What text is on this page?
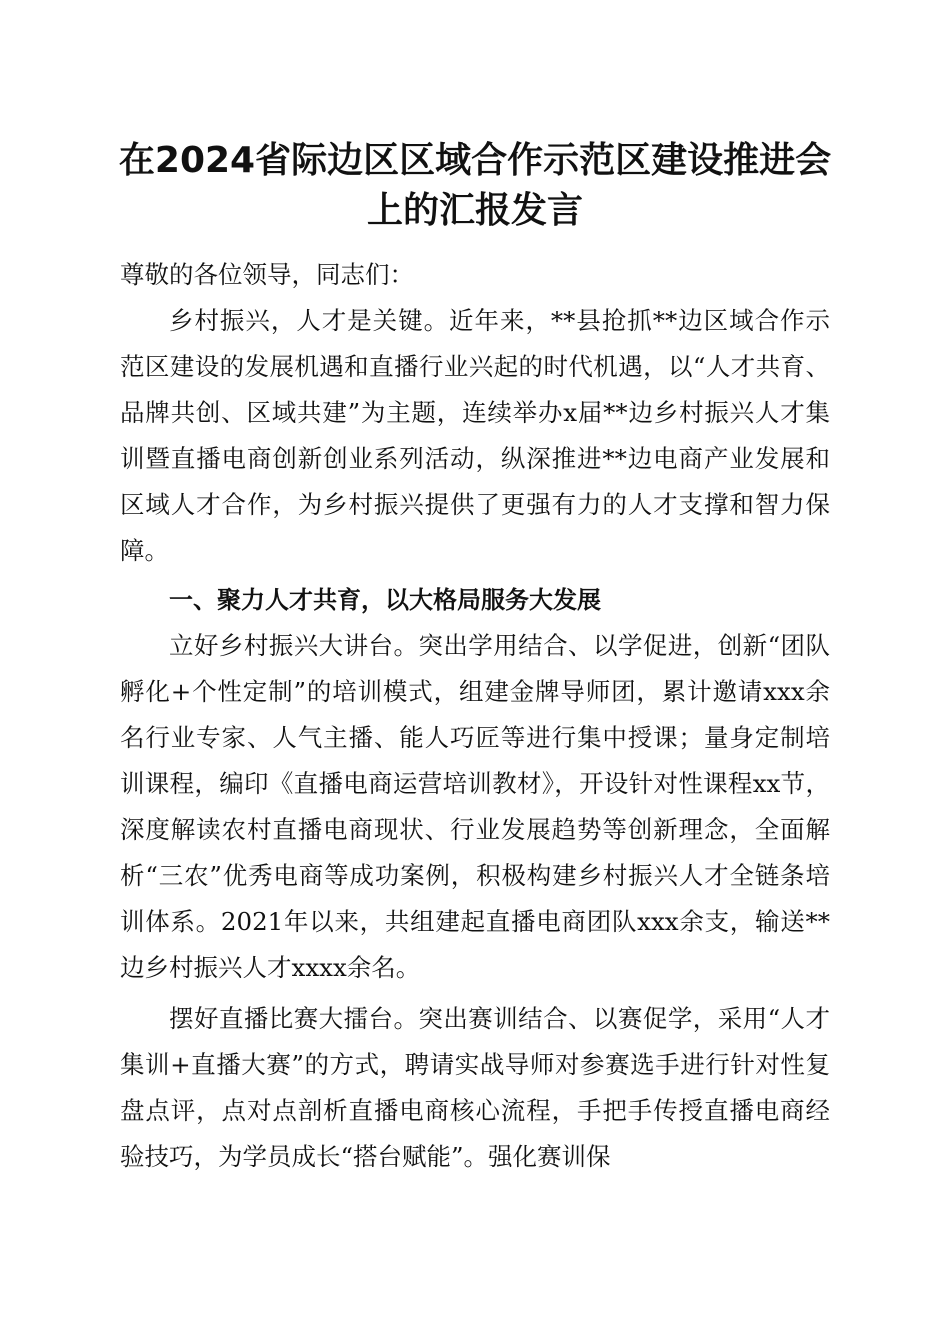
在2024省际边区区域合作示范区建设推进会
上的汇报发言

尊敬的各位领导，同志们：

乡村振兴，人才是关键。近年来，**县抢抓**边区域合作示范区建设的发展机遇和直播行业兴起的时代机遇，以“人才共育、品牌共创、区域共建”为主题，连续举办x届**边乡村振兴人才集训暨直播电商创新创业系列活动，纵深推进**边电商产业发展和区域人才合作，为乡村振兴提供了更强有力的人才支撑和智力保障。

一、聚力人才共育，以大格局服务大发展

立好乡村振兴大讲台。突出学用结合、以学促进，创新“团队孵化+个性定制”的培训模式，组建金牌导师团，累计邀请xxx余名行业专家、人气主播、能人巧匠等进行集中授课；量身定制培训课程，编印《直播电商运营培训教材》，开设针对性课程xx节，深度解读农村直播电商现状、行业发展趋势等创新理念，全面解析“三农”优秀电商等成功案例，积极构建乡村振兴人才全链条培训体系。2021年以来，共组建起直播电商团队xxx余支，输送**边乡村振兴人才xxxx余名。

摆好直播比赛大擂台。突出赛训结合、以赛促学，采用“人才集训+直播大赛”的方式，聘请实战导师对参赛选手进行针对性复盘点评，点对点剖析直播电商核心流程，手把手传授直播电商经验技巧，为学员成长“搭台赋能”。强化赛训保
